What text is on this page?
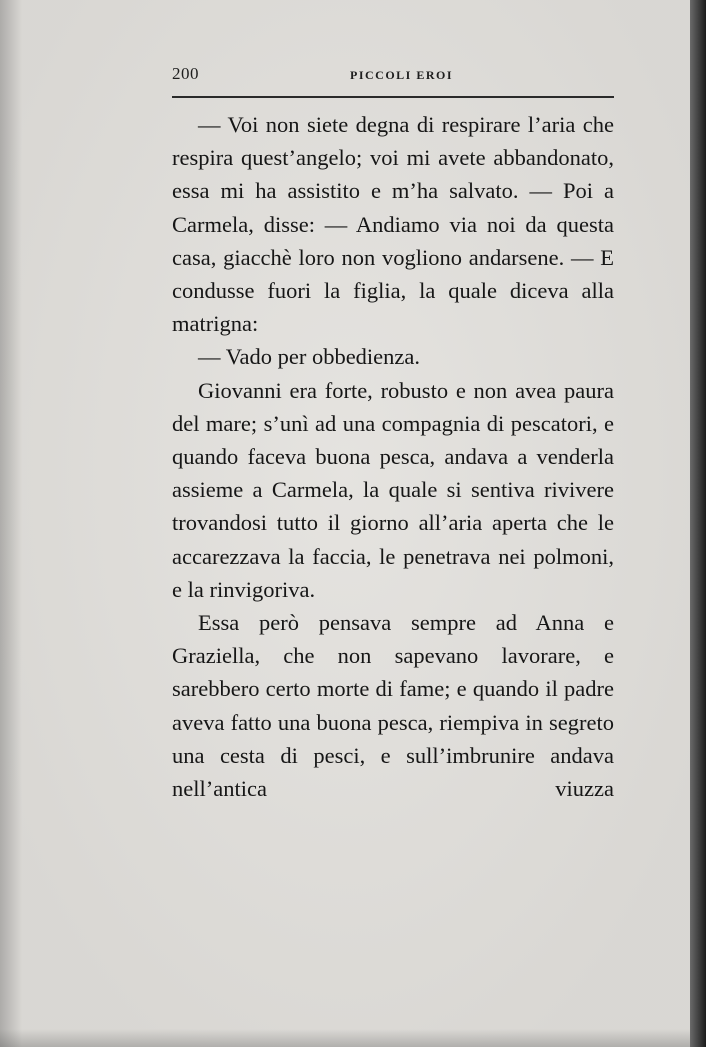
200	PICCOLI EROI

— Voi non siete degna di respirare l’aria che respira quest’angelo; voi mi avete abbandonato, essa mi ha assistito e m’ha salvato. — Poi a Carmela, disse: — Andiamo via noi da questa casa, giacchè loro non vogliono andarsene. — E condusse fuori la figlia, la quale diceva alla matrigna:

— Vado per obbedienza.

Giovanni era forte, robusto e non avea paura del mare; s’unì ad una compagnia di pescatori, e quando faceva buona pesca, andava a venderla assieme a Carmela, la quale si sentiva rivivere trovandosi tutto il giorno all’aria aperta che le accarezzava la faccia, le penetrava nei polmoni, e la rinvigoriva.

Essa però pensava sempre ad Anna e Graziella, che non sapevano lavorare, e sarebbero certo morte di fame; e quando il padre aveva fatto una buona pesca, riempiva in segreto una cesta di pesci, e sull’imbrunire andava nell’antica viuzza
